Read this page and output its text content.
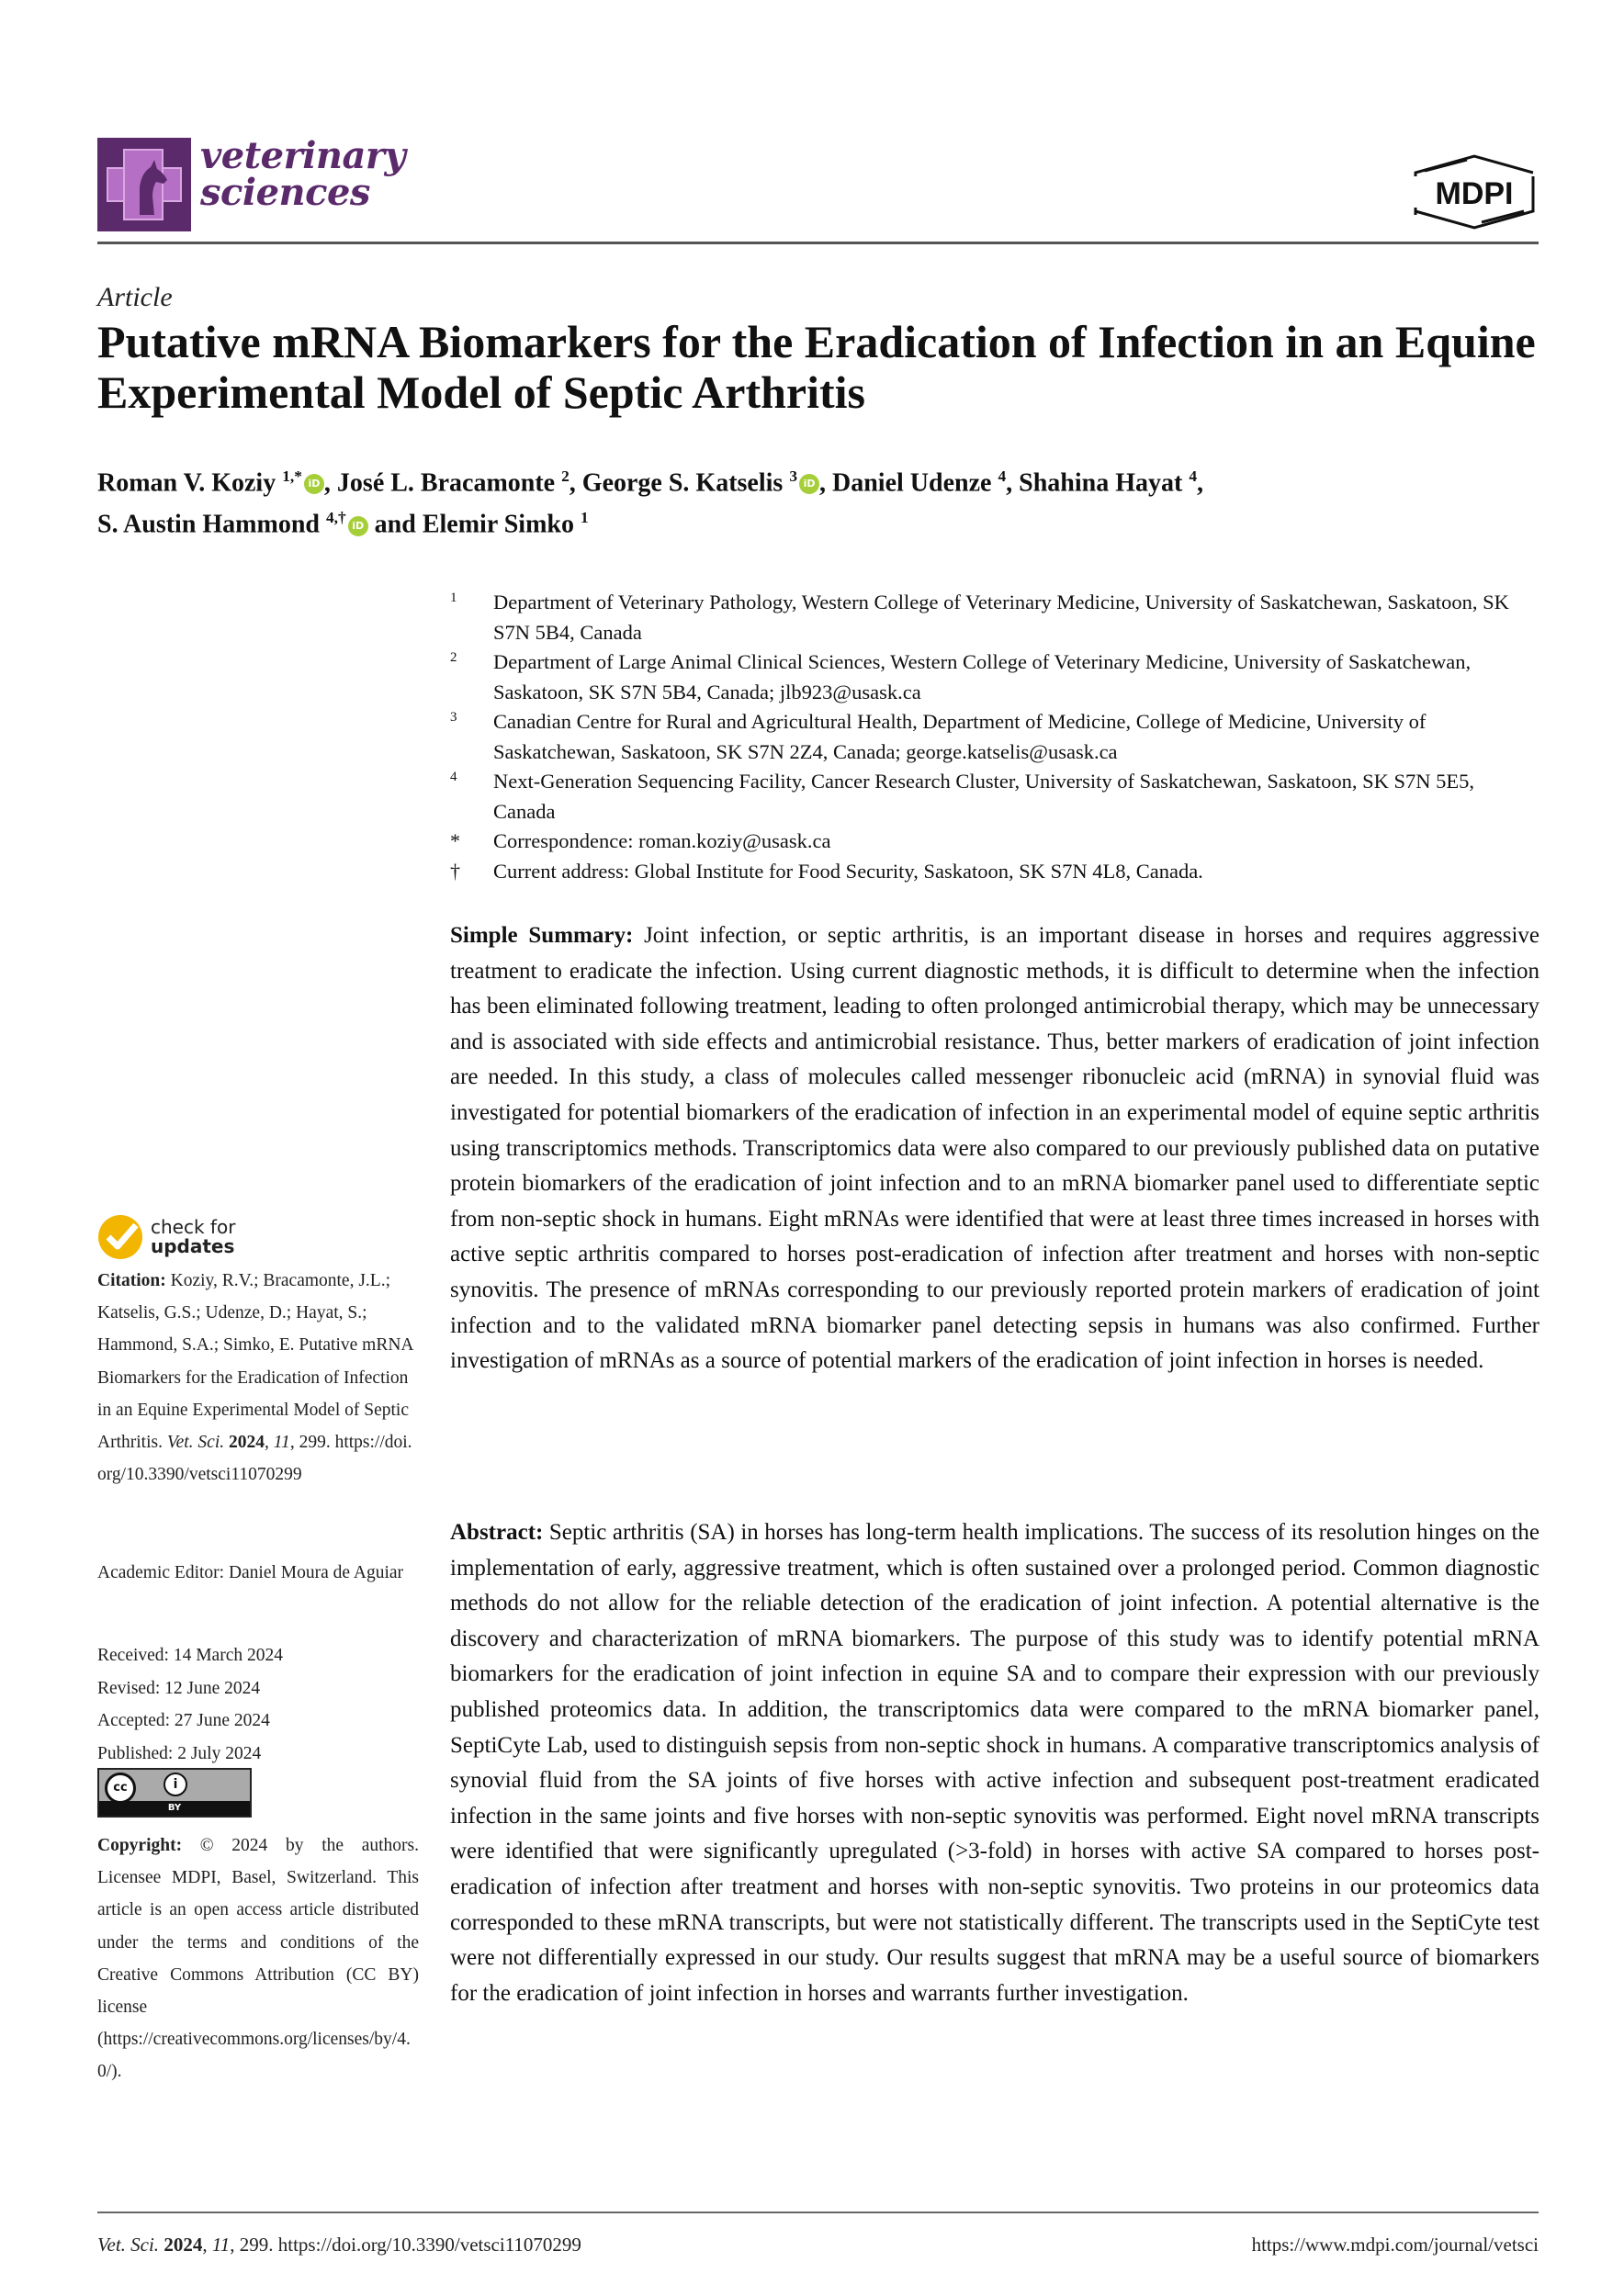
veterinary
sciences	MDPI
Article
Putative mRNA Biomarkers for the Eradication of Infection in an Equine Experimental Model of Septic Arthritis
Roman V. Koziy $^{1,*}$ iD , José L. Bracamonte $^2$, George S. Katselis $^3$ iD , Daniel Udenze $^4$, Shahina Hayat $^4$,
S. Austin Hammond $^{4,\dagger}$ iD and Elemir Simko $^1$
1	Department of Veterinary Pathology, Western College of Veterinary Medicine, University of Saskatchewan, Saskatoon, SK S7N 5B4, Canada
2	Department of Large Animal Clinical Sciences, Western College of Veterinary Medicine, University of Saskatchewan, Saskatoon, SK S7N 5B4, Canada; jlb923@usask.ca
3	Canadian Centre for Rural and Agricultural Health, Department of Medicine, College of Medicine, University of Saskatchewan, Saskatoon, SK S7N 2Z4, Canada; george.katselis@usask.ca
4	Next-Generation Sequencing Facility, Cancer Research Cluster, University of Saskatchewan, Saskatoon, SK S7N 5E5, Canada
*	Correspondence: roman.koziy@usask.ca
†	Current address: Global Institute for Food Security, Saskatoon, SK S7N 4L8, Canada.
Simple Summary: Joint infection, or septic arthritis, is an important disease in horses and requires aggressive treatment to eradicate the infection. Using current diagnostic methods, it is difficult to determine when the infection has been eliminated following treatment, leading to often prolonged antimicrobial therapy, which may be unnecessary and is associated with side effects and antimicrobial resistance. Thus, better markers of eradication of joint infection are needed. In this study, a class of molecules called messenger ribonucleic acid (mRNA) in synovial fluid was investigated for potential biomarkers of the eradication of infection in an experimental model of equine septic arthritis using transcriptomics methods. Transcriptomics data were also compared to our previously published data on putative protein biomarkers of the eradication of joint infection and to an mRNA biomarker panel used to differentiate septic from non-septic shock in humans. Eight mRNAs were identified that were at least three times increased in horses with active septic arthritis compared to horses post-eradication of infection after treatment and horses with non-septic synovitis. The presence of mRNAs corresponding to our previously reported protein markers of eradication of joint infection and to the validated mRNA biomarker panel detecting sepsis in humans was also confirmed. Further investigation of mRNAs as a source of potential markers of the eradication of joint infection in horses is needed.
Abstract: Septic arthritis (SA) in horses has long-term health implications. The success of its resolution hinges on the implementation of early, aggressive treatment, which is often sustained over a prolonged period. Common diagnostic methods do not allow for the reliable detection of the eradication of joint infection. A potential alternative is the discovery and characterization of mRNA biomarkers. The purpose of this study was to identify potential mRNA biomarkers for the eradication of joint infection in equine SA and to compare their expression with our previously published proteomics data. In addition, the transcriptomics data were compared to the mRNA biomarker panel, SeptiCyte Lab, used to distinguish sepsis from non-septic shock in humans. A comparative transcriptomics analysis of synovial fluid from the SA joints of five horses with active infection and subsequent post-treatment eradicated infection in the same joints and five horses with non-septic synovitis was performed. Eight novel mRNA transcripts were identified that were significantly upregulated (>3-fold) in horses with active SA compared to horses post-eradication of infection after treatment and horses with non-septic synovitis. Two proteins in our proteomics data corresponded to these mRNA transcripts, but were not statistically different. The transcripts used in the SeptiCyte test were not differentially expressed in our study. Our results suggest that mRNA may be a useful source of biomarkers for the eradication of joint infection in horses and warrants further investigation.
check for
updates
Citation: Koziy, R.V.; Bracamonte, J.L.; Katselis, G.S.; Udenze, D.; Hayat, S.; Hammond, S.A.; Simko, E. Putative mRNA Biomarkers for the Eradication of Infection in an Equine Experimental Model of Septic Arthritis. Vet. Sci. 2024, 11, 299. https://doi.org/10.3390/vetsci11070299
Academic Editor: Daniel Moura de Aguiar
Received: 14 March 2024
Revised: 12 June 2024
Accepted: 27 June 2024
Published: 2 July 2024
cc	i
BY
Copyright: © 2024 by the authors. Licensee MDPI, Basel, Switzerland. This article is an open access article distributed under the terms and conditions of the Creative Commons Attribution (CC BY) license (https://creativecommons.org/licenses/by/4.0/).
Vet. Sci. 2024, 11, 299. https://doi.org/10.3390/vetsci11070299	https://www.mdpi.com/journal/vetsci
